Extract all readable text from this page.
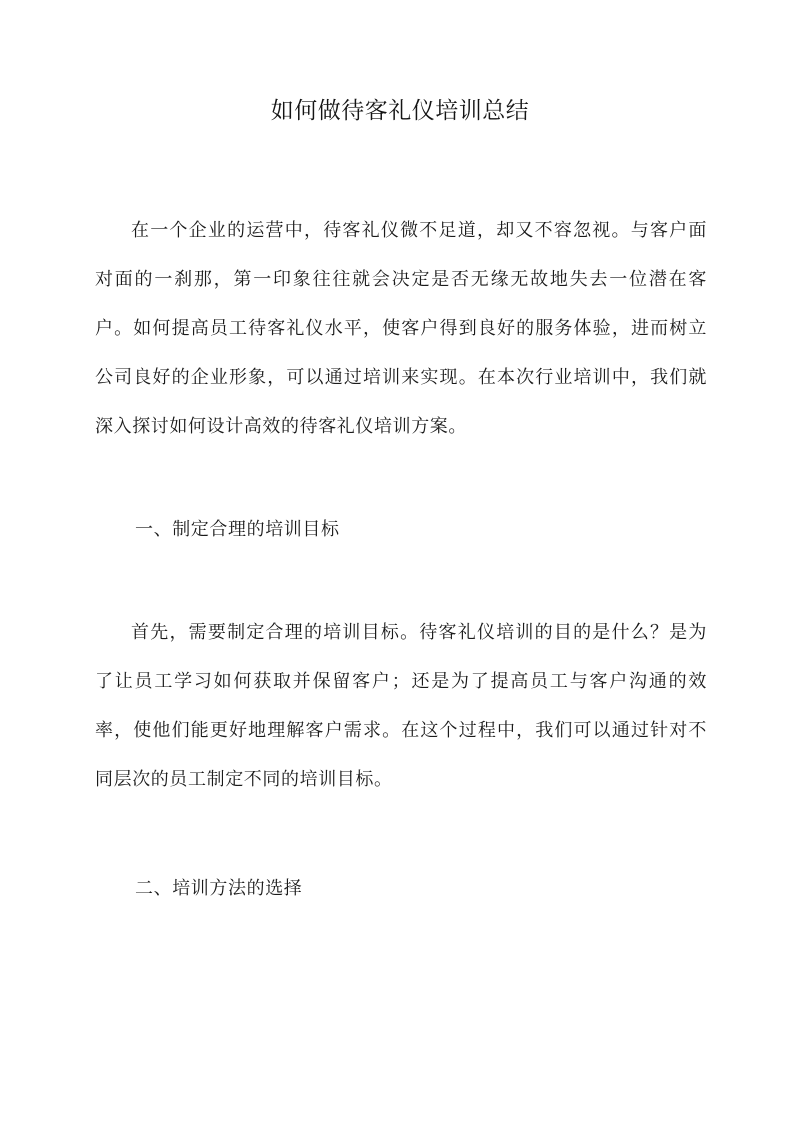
如何做待客礼仪培训总结

在一个企业的运营中，待客礼仪微不足道，却又不容忽视。与客户面对面的一刹那，第一印象往往就会决定是否无缘无故地失去一位潜在客户。如何提高员工待客礼仪水平，使客户得到良好的服务体验，进而树立公司良好的企业形象，可以通过培训来实现。在本次行业培训中，我们就深入探讨如何设计高效的待客礼仪培训方案。

一、制定合理的培训目标

首先，需要制定合理的培训目标。待客礼仪培训的目的是什么？是为了让员工学习如何获取并保留客户；还是为了提高员工与客户沟通的效率，使他们能更好地理解客户需求。在这个过程中，我们可以通过针对不同层次的员工制定不同的培训目标。

二、培训方法的选择
